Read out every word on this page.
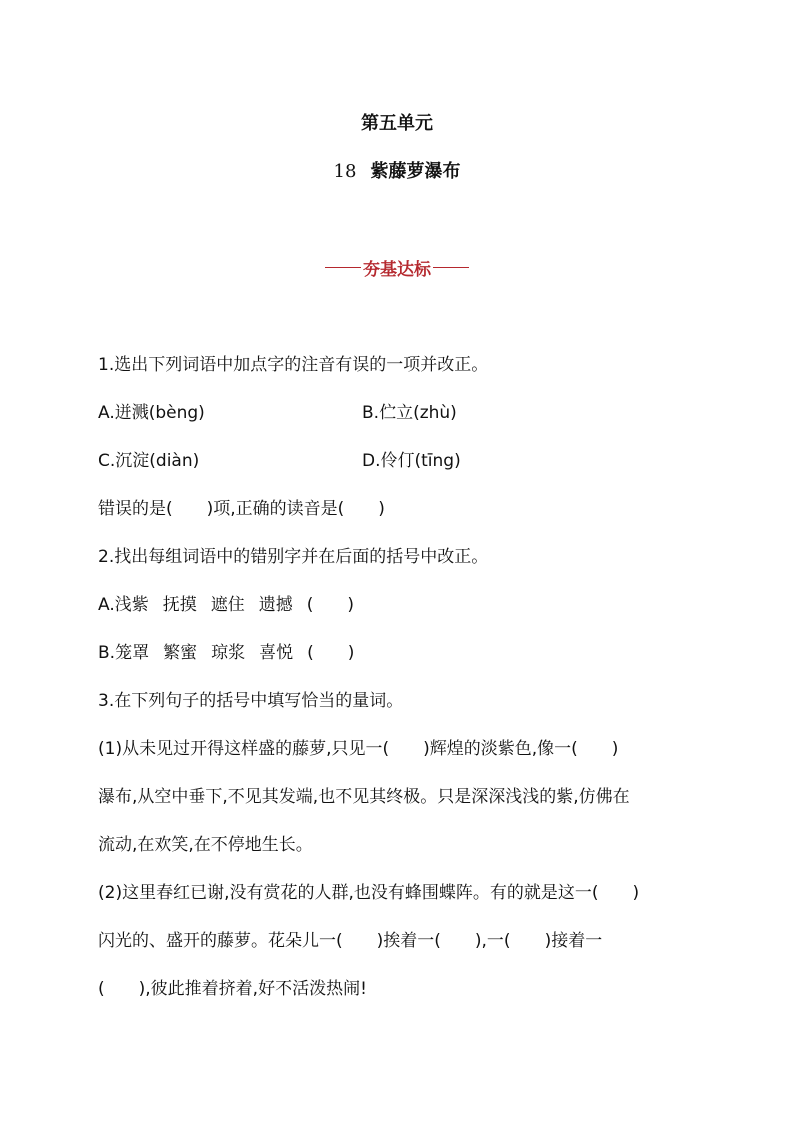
第五单元
18 紫藤萝瀑布
夯基达标
1.选出下列词语中加点字的注音有误的一项并改正。
A.迸溅(bèng)	B.伫立(zhù)
C.沉淀(diàn)	D.伶仃(tīng)
错误的是(　　)项,正确的读音是(　　)
2.找出每组词语中的错别字并在后面的括号中改正。
A.浅紫 抚摸 遮住 遗撼 (　　)
B.笼罩 繁蜜 琼浆 喜悦 (　　)
3.在下列句子的括号中填写恰当的量词。
(1)从未见过开得这样盛的藤萝,只见一(　　)辉煌的淡紫色,像一(　　)
瀑布,从空中垂下,不见其发端,也不见其终极。只是深深浅浅的紫,仿佛在
流动,在欢笑,在不停地生长。
(2)这里春红已谢,没有赏花的人群,也没有蜂围蝶阵。有的就是这一(　　)
闪光的、盛开的藤萝。花朵儿一(　　)挨着一(　　),一(　　)接着一
(　　),彼此推着挤着,好不活泼热闹!
